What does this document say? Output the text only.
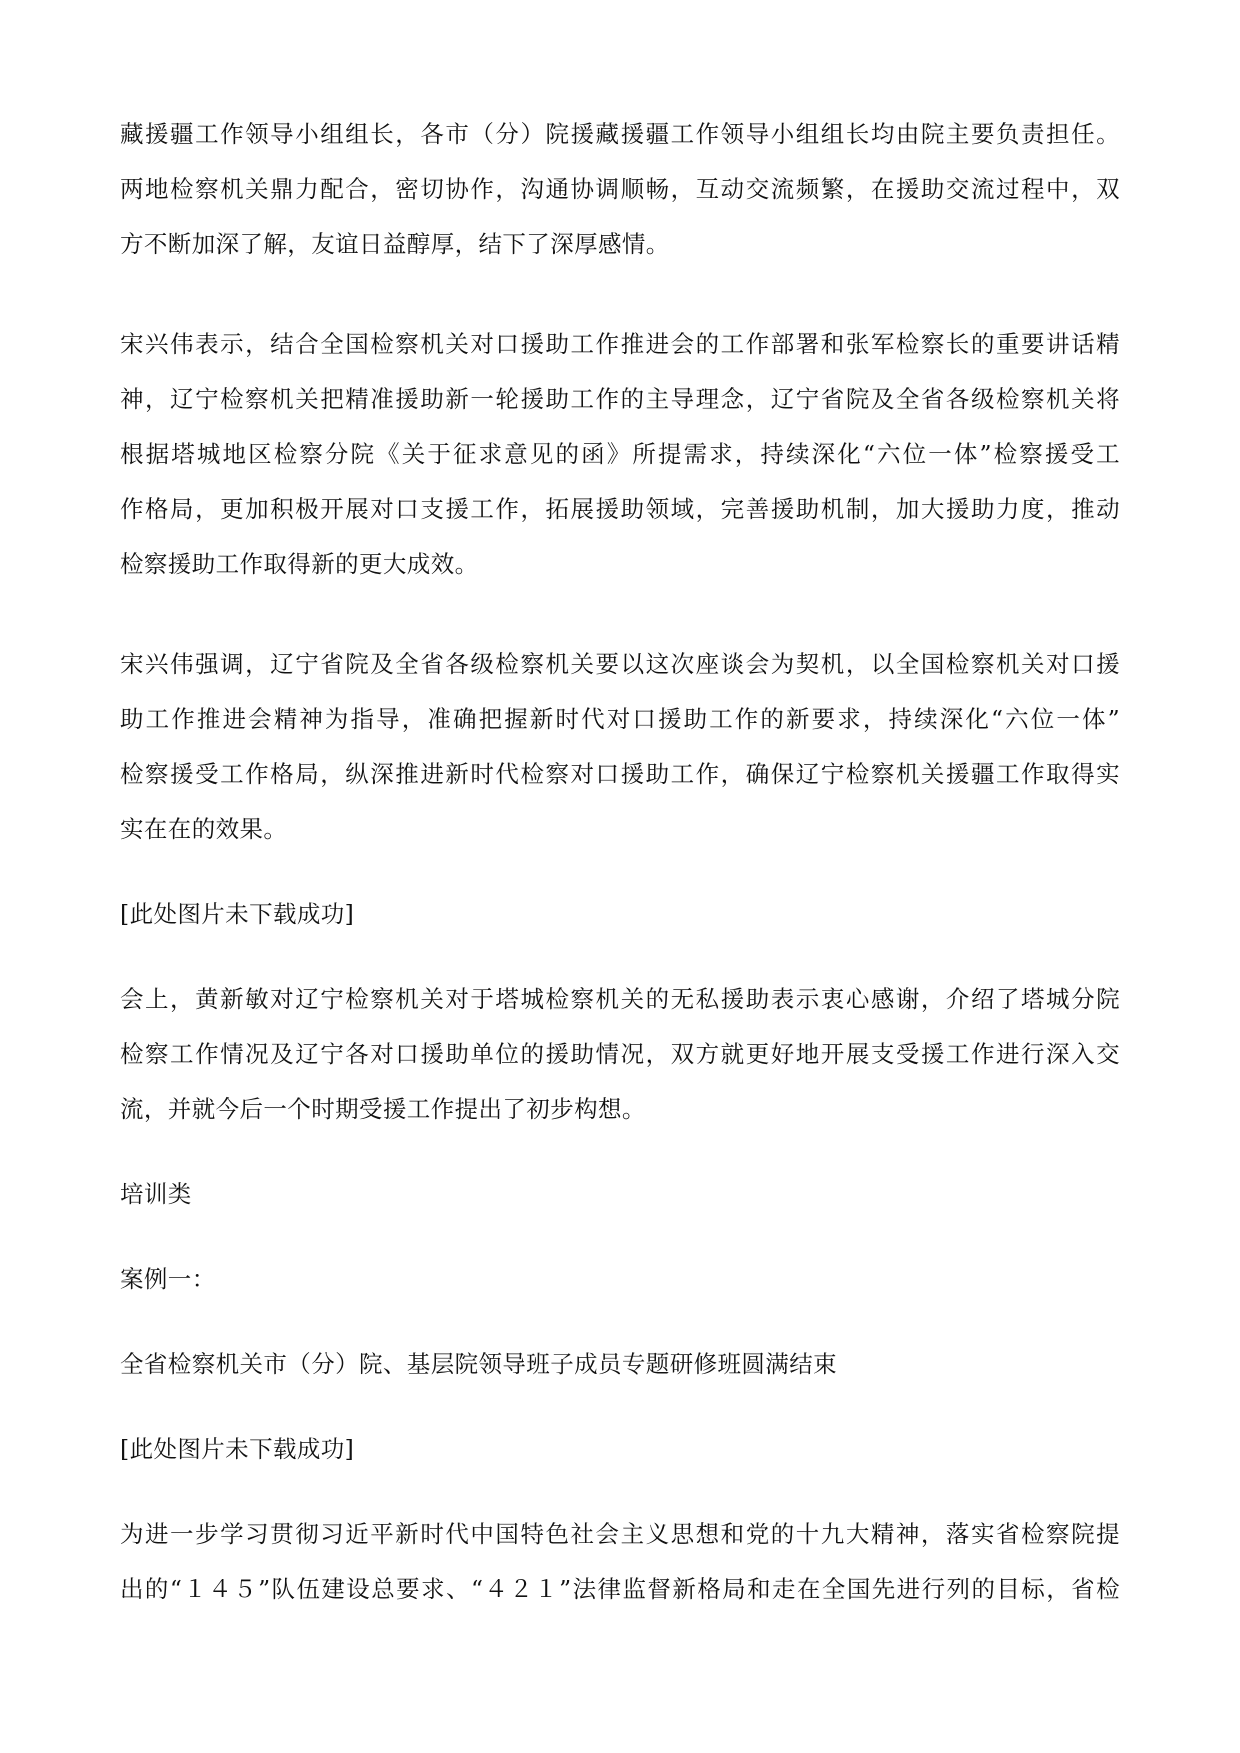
藏援疆工作领导小组组长，各市（分）院援藏援疆工作领导小组组长均由院主要负责担任。

两地检察机关鼎力配合，密切协作，沟通协调顺畅，互动交流频繁，在援助交流过程中，双

方不断加深了解，友谊日益醇厚，结下了深厚感情。

宋兴伟表示，结合全国检察机关对口援助工作推进会的工作部署和张军检察长的重要讲话精

神，辽宁检察机关把精准援助新一轮援助工作的主导理念，辽宁省院及全省各级检察机关将

根据塔城地区检察分院《关于征求意见的函》所提需求，持续深化“六位一体”检察援受工

作格局，更加积极开展对口支援工作，拓展援助领域，完善援助机制，加大援助力度，推动

检察援助工作取得新的更大成效。

宋兴伟强调，辽宁省院及全省各级检察机关要以这次座谈会为契机，以全国检察机关对口援

助工作推进会精神为指导，准确把握新时代对口援助工作的新要求，持续深化“六位一体”

检察援受工作格局，纵深推进新时代检察对口援助工作，确保辽宁检察机关援疆工作取得实

实在在的效果。

[此处图片未下载成功]

会上，黄新敏对辽宁检察机关对于塔城检察机关的无私援助表示衷心感谢，介绍了塔城分院

检察工作情况及辽宁各对口援助单位的援助情况，双方就更好地开展支受援工作进行深入交

流，并就今后一个时期受援工作提出了初步构想。

培训类

案例一：

全省检察机关市（分）院、基层院领导班子成员专题研修班圆满结束

[此处图片未下载成功]

为进一步学习贯彻习近平新时代中国特色社会主义思想和党的十九大精神，落实省检察院提

出的“１４５”队伍建设总要求、“４２１”法律监督新格局和走在全国先进行列的目标，省检
